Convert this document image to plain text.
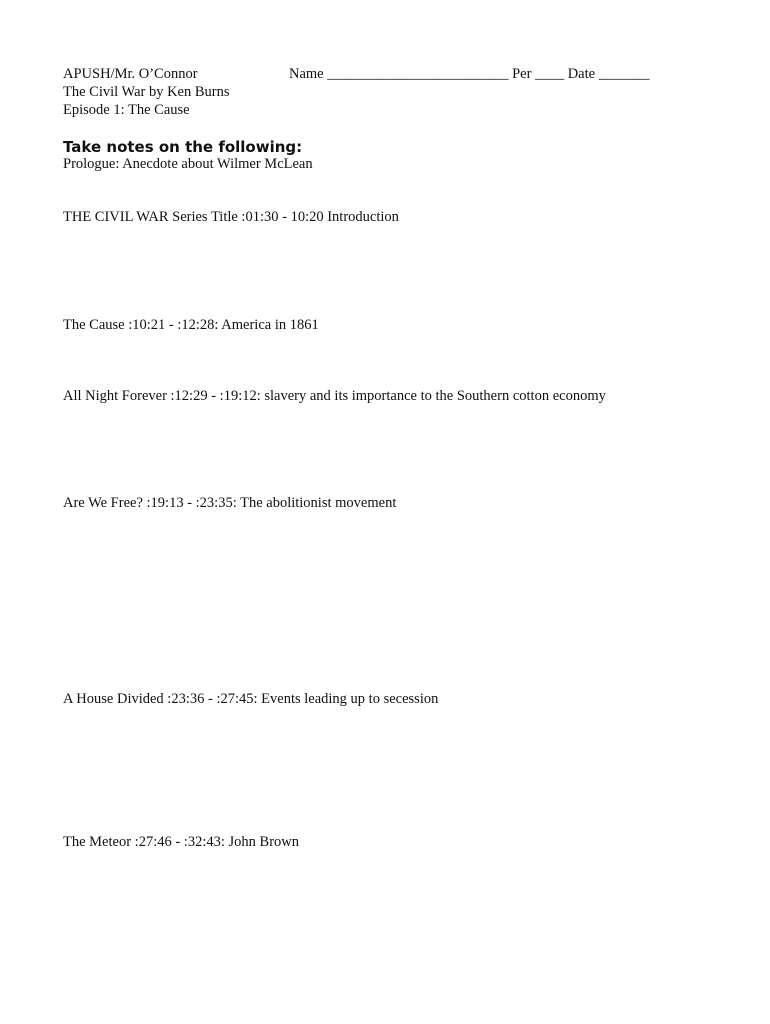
APUSH/Mr. O’Connor
The Civil War by Ken Burns
Episode 1: The Cause
Name _________________________ Per ____ Date _______
Take notes on the following:
Prologue: Anecdote about Wilmer McLean
THE CIVIL WAR Series Title :01:30 - 10:20 Introduction
The Cause :10:21 - :12:28: America in 1861
All Night Forever :12:29 - :19:12: slavery and its importance to the Southern cotton economy
Are We Free? :19:13 - :23:35: The abolitionist movement
A House Divided :23:36 - :27:45: Events leading up to secession
The Meteor :27:46 - :32:43: John Brown
